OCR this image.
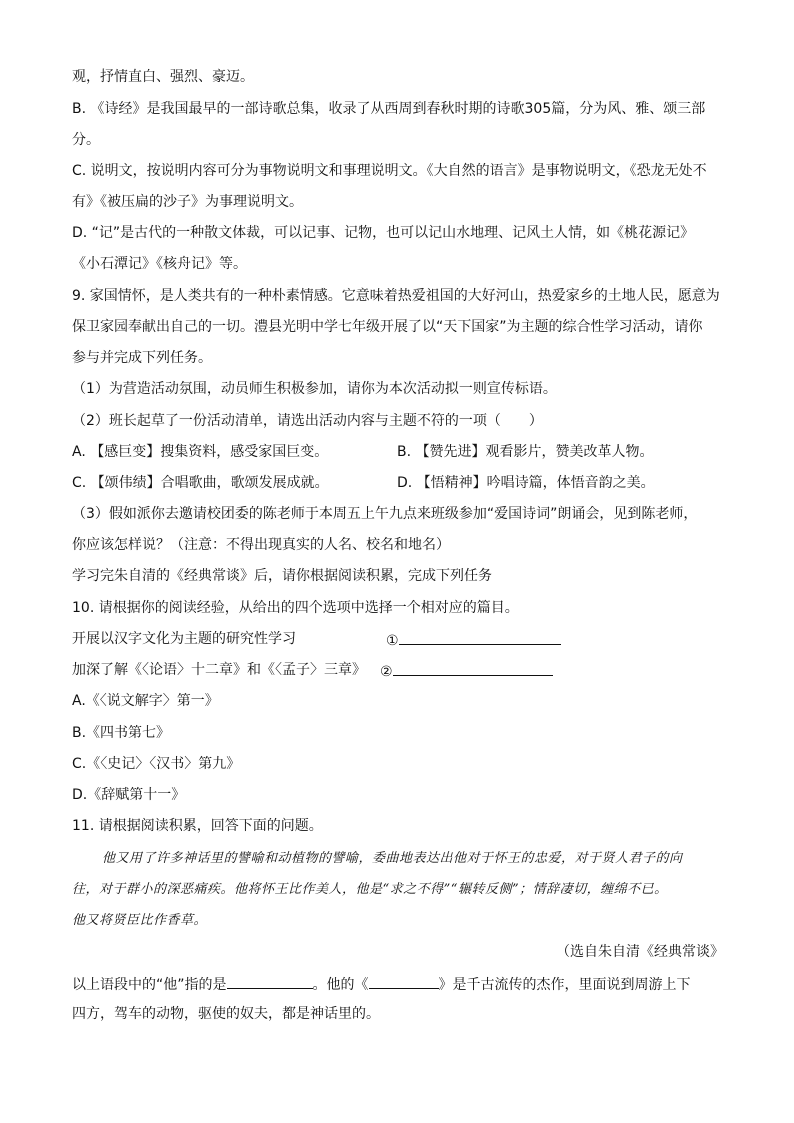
观，抒情直白、强烈、豪迈。
B. 《诗经》是我国最早的一部诗歌总集，收录了从西周到春秋时期的诗歌305篇，分为风、雅、颂三部
分。
C. 说明文，按说明内容可分为事物说明文和事理说明文。《大自然的语言》是事物说明文，《恐龙无处不
有》《被压扁的沙子》为事理说明文。
D. “记”是古代的一种散文体裁，可以记事、记物，也可以记山水地理、记风土人情，如《桃花源记》
《小石潭记》《核舟记》等。
9. 家国情怀，是人类共有的一种朴素情感。它意味着热爱祖国的大好河山，热爱家乡的土地人民，愿意为
保卫家园奉献出自己的一切。澧县光明中学七年级开展了以“天下国家”为主题的综合性学习活动，请你
参与并完成下列任务。
（1）为营造活动氛围，动员师生积极参加，请你为本次活动拟一则宣传标语。
（2）班长起草了一份活动清单，请选出活动内容与主题不符的一项（　　）
A. 【感巨变】搜集资料，感受家国巨变。	B. 【赞先进】观看影片，赞美改革人物。
C. 【颂伟绩】合唱歌曲，歌颂发展成就。	D. 【悟精神】吟唱诗篇，体悟音韵之美。
（3）假如派你去邀请校团委的陈老师于本周五上午九点来班级参加“爱国诗词”朗诵会，见到陈老师，
你应该怎样说？（注意：不得出现真实的人名、校名和地名）
学习完朱自清的《经典常谈》后，请你根据阅读积累，完成下列任务
10. 请根据你的阅读经验，从给出的四个选项中选择一个相对应的篇目。
开展以汉字文化为主题的研究性学习	①
加深了解《〈论语〉十二章》和《〈孟子〉三章》 ②
A.《〈说文解字〉第一》
B.《四书第七》
C.《〈史记〉〈汉书〉第九》
D.《辞赋第十一》
11. 请根据阅读积累，回答下面的问题。
他又用了许多神话里的譬喻和动植物的譬喻，委曲地表达出他对于怀王的忠爱，对于贤人君子的向
往，对于群小的深恶痛疾。他将怀王比作美人，他是“求之不得”“辗转反侧”；情辞凄切，缠绵不已。
他又将贤臣比作香草。
（选自朱自清《经典常谈》
以上语段中的“他”指的是	。他的《	》是千古流传的杰作，里面说到周游上下
四方，驾车的动物，驱使的奴夫，都是神话里的。
